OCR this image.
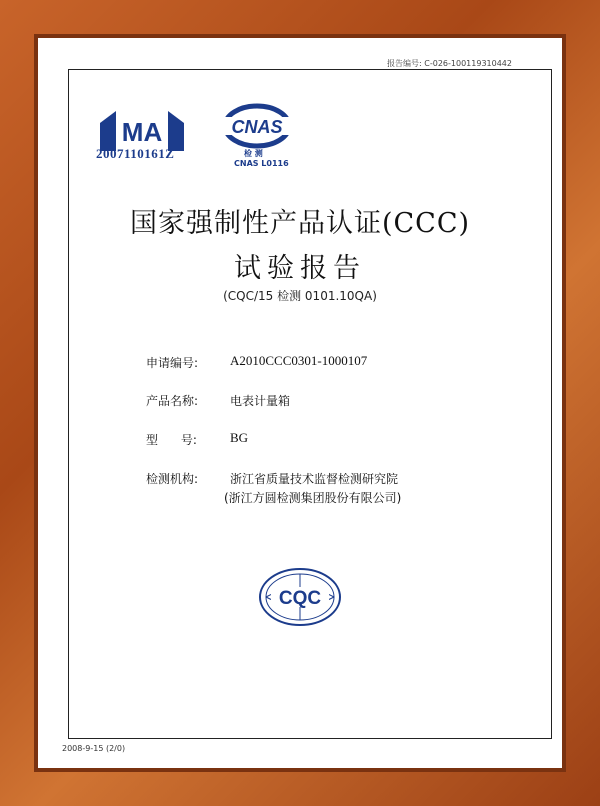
报告编号: C-026-100119310442
MA
2007110161Z
CNAS
检 测
CNAS L0116
国家强制性产品认证(CCC)
试验报告
(CQC/15 检测 0101.10QA)
申请编号: A2010CCC0301-1000107
产品名称:	电表计量箱
型      号:	BG
检测机构:	浙江省质量技术监督检测研究院
(浙江方圆检测集团股份有限公司)
CQC
2008-9-15 (2/0)
